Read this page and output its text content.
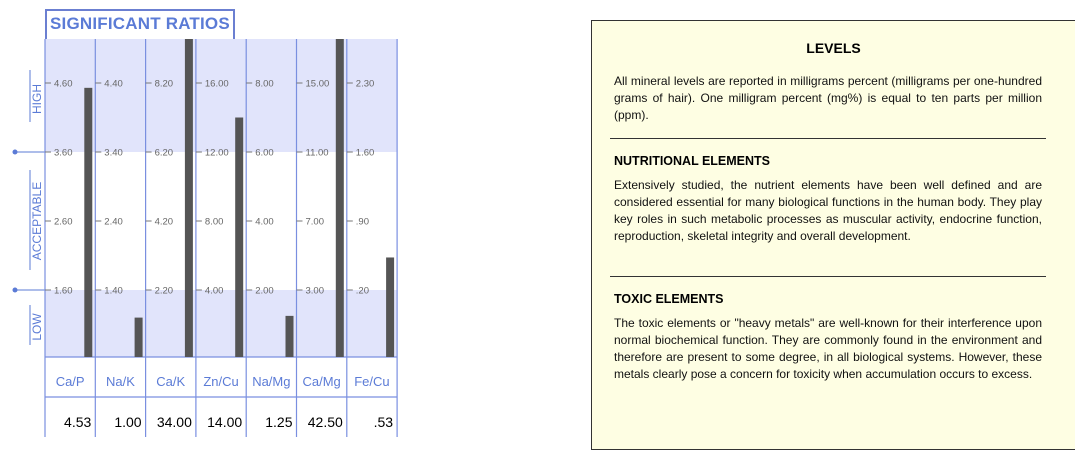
HIGH
ACCEPTABLE
LOW
1.60
2.60
3.60
4.60
Ca/P
4.53
1.40
2.40
3.40
4.40
Na/K
1.00
2.20
4.20
6.20
8.20
Ca/K
34.00
4.00
8.00
12.00
16.00
Zn/Cu
14.00
2.00
4.00
6.00
8.00
Na/Mg
1.25
3.00
7.00
11.00
15.00
Ca/Mg
42.50
.20
.90
1.60
2.30
Fe/Cu
.53
SIGNIFICANT RATIOS
LEVELS
All mineral levels are reported in milligrams percent (milligrams per one-hundred grams of hair). One milligram percent (mg%) is equal to ten parts per million (ppm).
NUTRITIONAL ELEMENTS
Extensively studied, the nutrient elements have been well defined and are considered essential for many biological functions in the human body. They play key roles in such metabolic processes as muscular activity, endocrine function, reproduction, skeletal integrity and overall development.
TOXIC ELEMENTS
The toxic elements or "heavy metals" are well-known for their interference upon normal biochemical function. They are commonly found in the environment and therefore are present to some degree, in all biological systems. However, these metals clearly pose a concern for toxicity when accumulation occurs to excess.
